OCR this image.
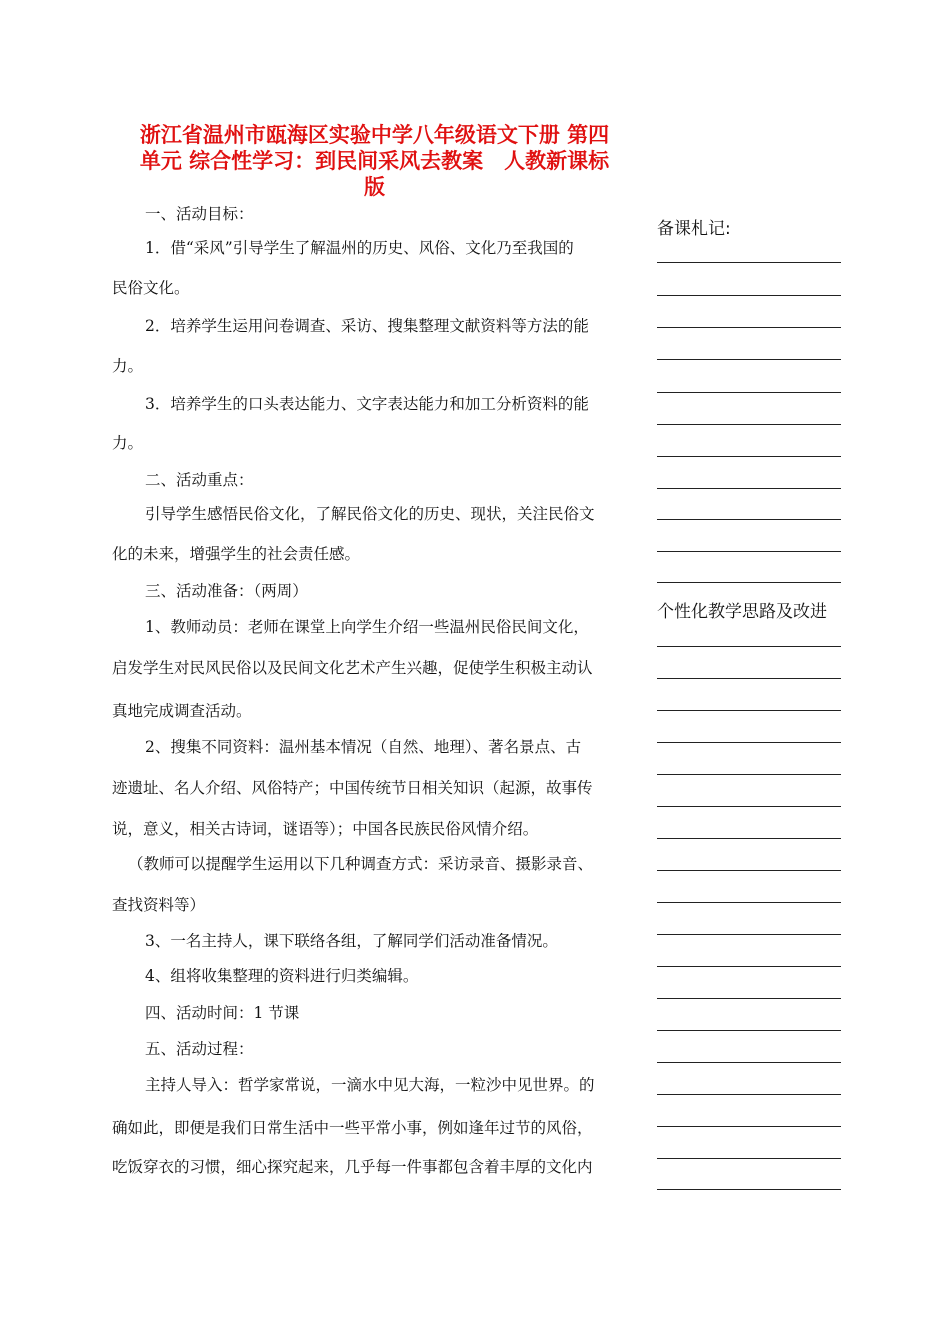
浙江省温州市瓯海区实验中学八年级语文下册 第四
单元 综合性学习：到民间采风去教案　人教新课标
版
一、活动目标：
1．借“采风”引导学生了解温州的历史、风俗、文化乃至我国的
民俗文化。
2．培养学生运用问卷调查、采访、搜集整理文献资料等方法的能
力。
3．培养学生的口头表达能力、文字表达能力和加工分析资料的能
力。
二、活动重点：
引导学生感悟民俗文化，了解民俗文化的历史、现状，关注民俗文
化的未来，增强学生的社会责任感。
三、活动准备：（两周）
1、教师动员：老师在课堂上向学生介绍一些温州民俗民间文化，
启发学生对民风民俗以及民间文化艺术产生兴趣，促使学生积极主动认
真地完成调查活动。
2、搜集不同资料：温州基本情况（自然、地理）、著名景点、古
迹遗址、名人介绍、风俗特产；中国传统节日相关知识（起源，故事传
说，意义，相关古诗词，谜语等）；中国各民族民俗风情介绍。
（教师可以提醒学生运用以下几种调查方式：采访录音、摄影录音、
查找资料等）
3、一名主持人，课下联络各组，了解同学们活动准备情况。
4、组将收集整理的资料进行归类编辑。
四、活动时间：1 节课
五、活动过程：
主持人导入：哲学家常说，一滴水中见大海，一粒沙中见世界。的
确如此，即便是我们日常生活中一些平常小事，例如逢年过节的风俗，
吃饭穿衣的习惯，细心探究起来，几乎每一件事都包含着丰厚的文化内
备课札记:
个性化教学思路及改进
